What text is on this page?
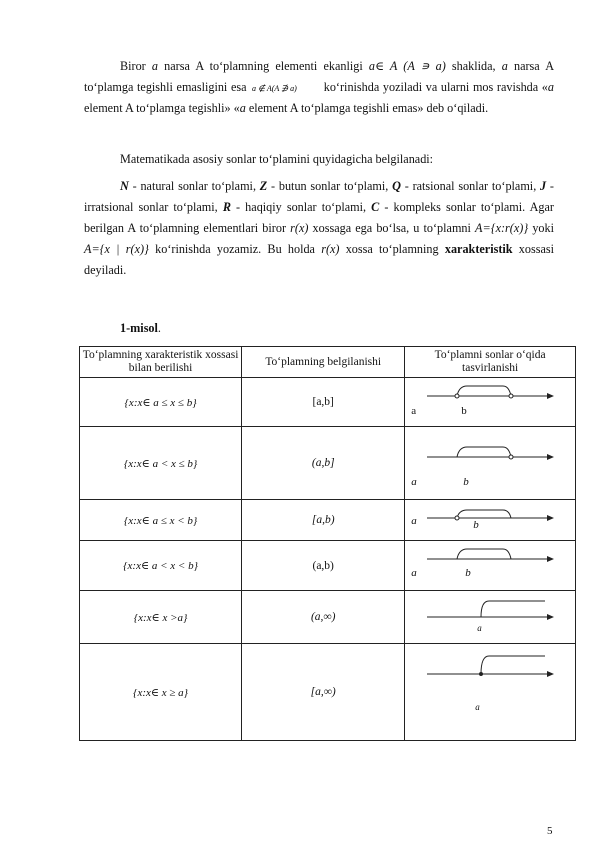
Biror a narsa A to‘plamning elementi ekanligi a∈ A (A ∍ a) shaklida, a narsa A to‘plamga tegishli emasligini esa a ∉ A(A ∌ a) ko‘rinishda yoziladi va ularni mos ravishda «a element A to‘plamga tegishli» «a element A to‘plamga tegishli emas» deb o‘qiladi.
Matematikada asosiy sonlar to‘plamini quyidagicha belgilanadi:
N - natural sonlar to‘plami, Z - butun sonlar to‘plami, Q - ratsional sonlar to‘plami, J -irratsional sonlar to‘plami, R - haqiqiy sonlar to‘plami, C - kompleks sonlar to‘plami. Agar berilgan A to‘plamning elementlari biror r(x) xossaga ega bo‘lsa, u to‘plamni A={x:r(x)} yoki A={x | r(x)} ko‘rinishda yozamiz. Bu holda r(x) xossa to‘plamning xarakteristik xossasi deyiladi.
1-misol.
To‘plamning xarakteristik xossasi bilan berilishi	To‘plamning belgilanishi	To‘plamni sonlar o‘qida tasvirlanishi
{x:x∈ a ≤ x ≤ b}	[a,b]	a b

{x:x∈ a < x ≤ b}	(a,b]	a b

{x:x∈ a ≤ x < b}	[a,b)	a b

{x:x∈ a < x < b}	(a,b)	a b

{x:x∈ x >a}	(a,∞)	a

{x:x∈ x ≥ a}	[a,∞)	a
5
